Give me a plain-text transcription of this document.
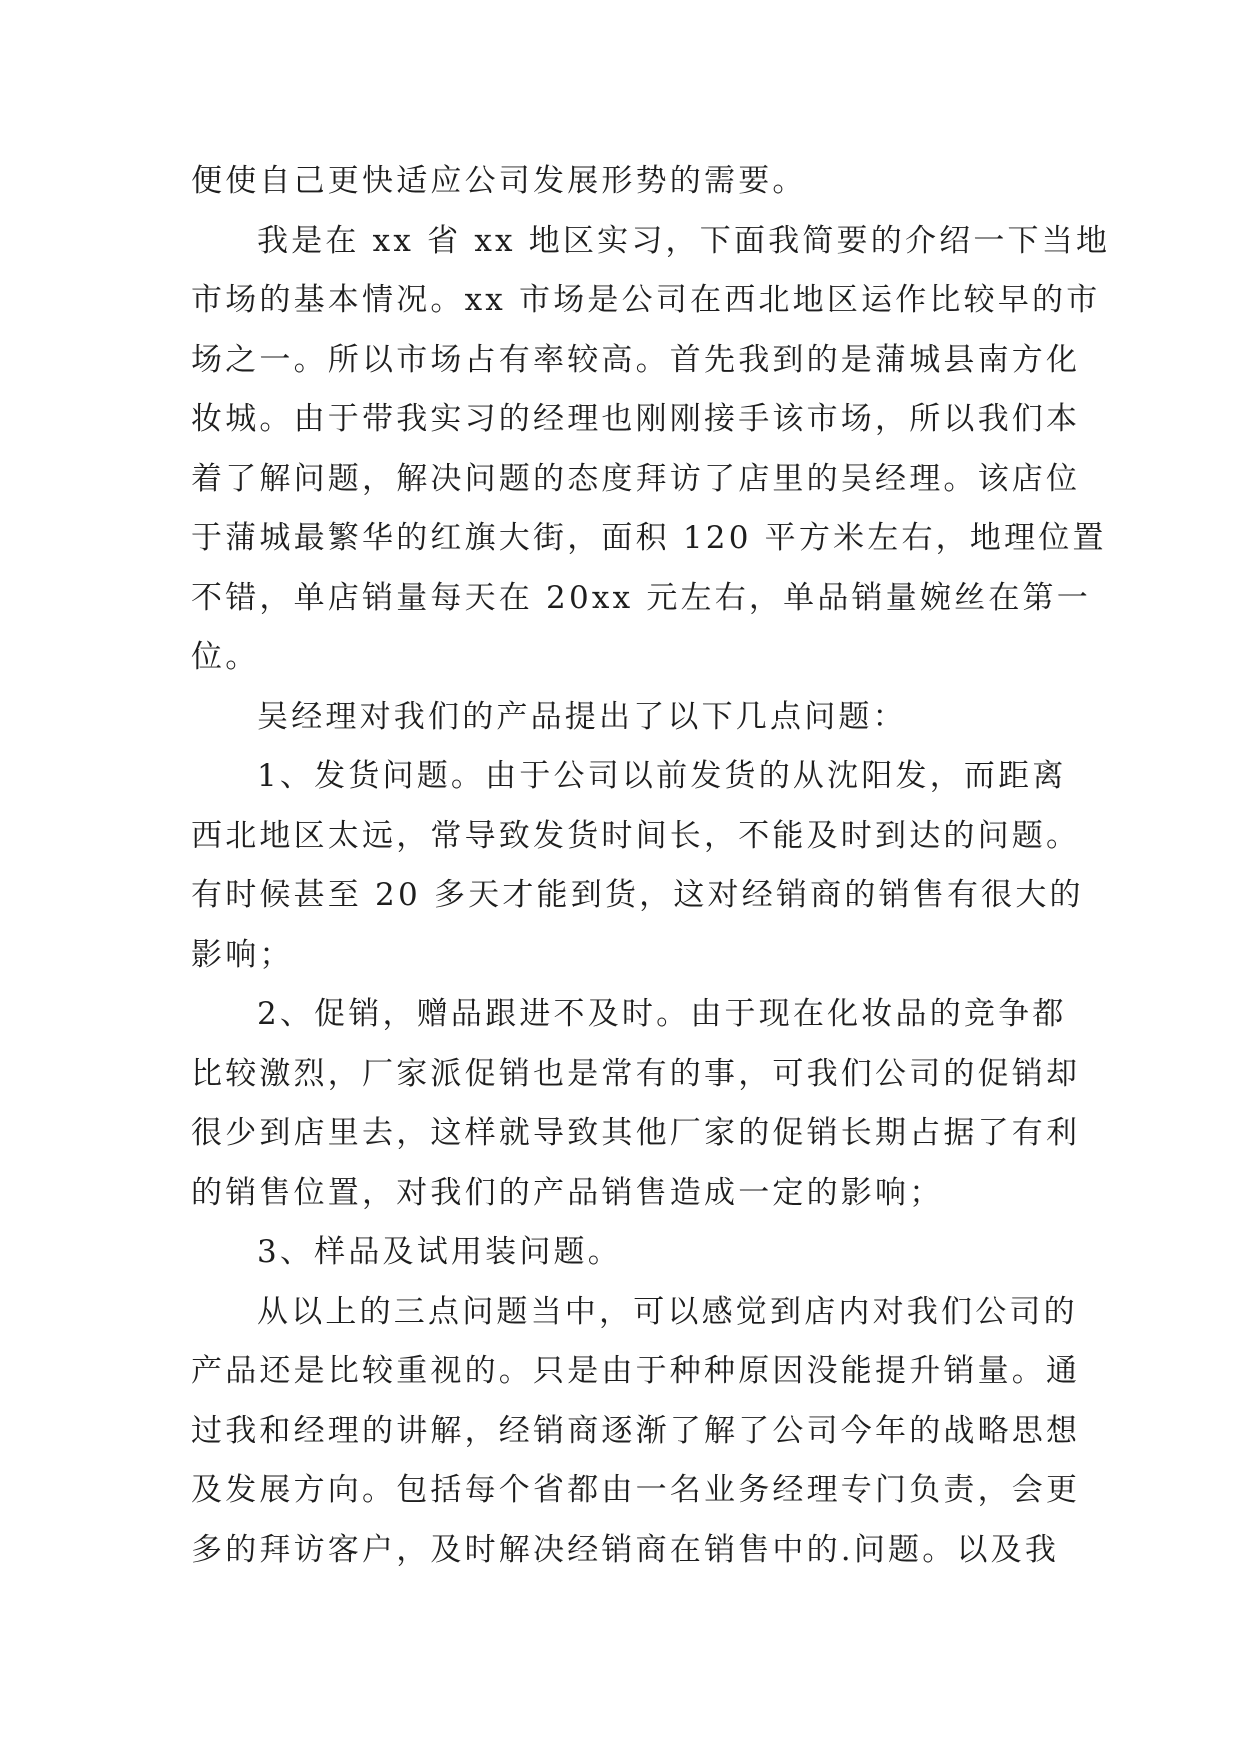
便使自己更快适应公司发展形势的需要。
我是在 xx 省 xx 地区实习，下面我简要的介绍一下当地
市场的基本情况。xx 市场是公司在西北地区运作比较早的市
场之一。所以市场占有率较高。首先我到的是蒲城县南方化
妆城。由于带我实习的经理也刚刚接手该市场，所以我们本
着了解问题，解决问题的态度拜访了店里的吴经理。该店位
于蒲城最繁华的红旗大街，面积 120 平方米左右，地理位置
不错，单店销量每天在 20xx 元左右，单品销量婉丝在第一
位。
吴经理对我们的产品提出了以下几点问题：
1、发货问题。由于公司以前发货的从沈阳发，而距离
西北地区太远，常导致发货时间长，不能及时到达的问题。
有时候甚至 20 多天才能到货，这对经销商的销售有很大的
影响；
2、促销，赠品跟进不及时。由于现在化妆品的竞争都
比较激烈，厂家派促销也是常有的事，可我们公司的促销却
很少到店里去，这样就导致其他厂家的促销长期占据了有利
的销售位置，对我们的产品销售造成一定的影响；
3、样品及试用装问题。
从以上的三点问题当中，可以感觉到店内对我们公司的
产品还是比较重视的。只是由于种种原因没能提升销量。通
过我和经理的讲解，经销商逐渐了解了公司今年的战略思想
及发展方向。包括每个省都由一名业务经理专门负责，会更
多的拜访客户，及时解决经销商在销售中的.问题。以及我
